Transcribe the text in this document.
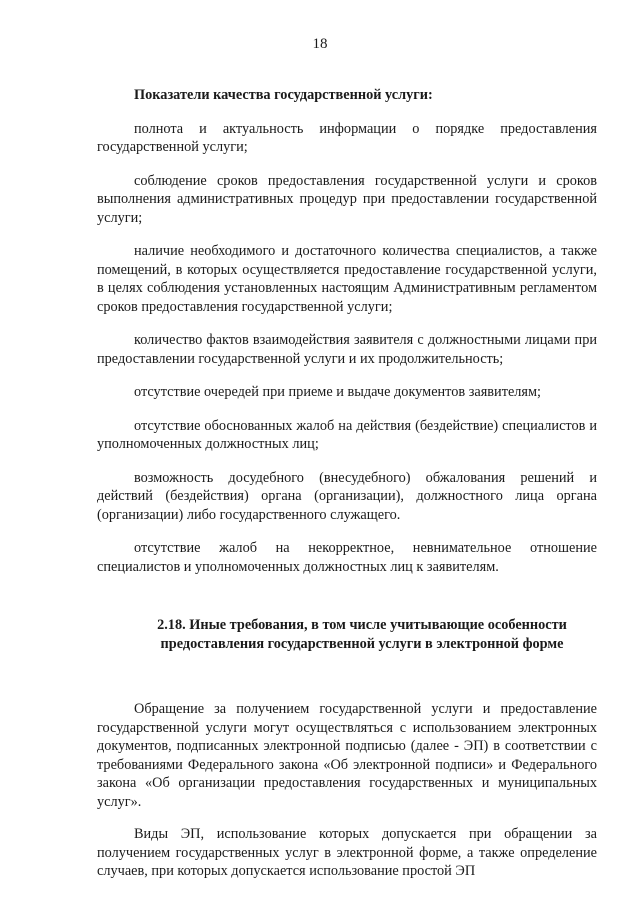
18
Показатели качества государственной услуги:

полнота и актуальность информации о порядке предоставления государственной услуги;

соблюдение сроков предоставления государственной услуги и сроков выполнения административных процедур при предоставлении государственной услуги;

наличие необходимого и достаточного количества специалистов, а также помещений, в которых осуществляется предоставление государственной услуги, в целях соблюдения установленных настоящим Административным регламентом сроков предоставления государственной услуги;

количество фактов взаимодействия заявителя с должностными лицами при предоставлении государственной услуги и их продолжительность;

отсутствие очередей при приеме и выдаче документов заявителям;

отсутствие обоснованных жалоб на действия (бездействие) специалистов и уполномоченных должностных лиц;

возможность досудебного (внесудебного) обжалования решений и действий (бездействия) органа (организации), должностного лица органа (организации) либо государственного служащего.

отсутствие жалоб на некорректное, невнимательное отношение специалистов и уполномоченных должностных лиц к заявителям.

2.18. Иные требования, в том числе учитывающие особенности предоставления государственной услуги в электронной форме

Обращение за получением государственной услуги и предоставление государственной услуги могут осуществляться с использованием электронных документов, подписанных электронной подписью (далее - ЭП) в соответствии с требованиями Федерального закона «Об электронной подписи» и Федерального закона «Об организации предоставления государственных и муниципальных услуг».

Виды ЭП, использование которых допускается при обращении за получением государственных услуг в электронной форме, а также определение случаев, при которых допускается использование простой ЭП
